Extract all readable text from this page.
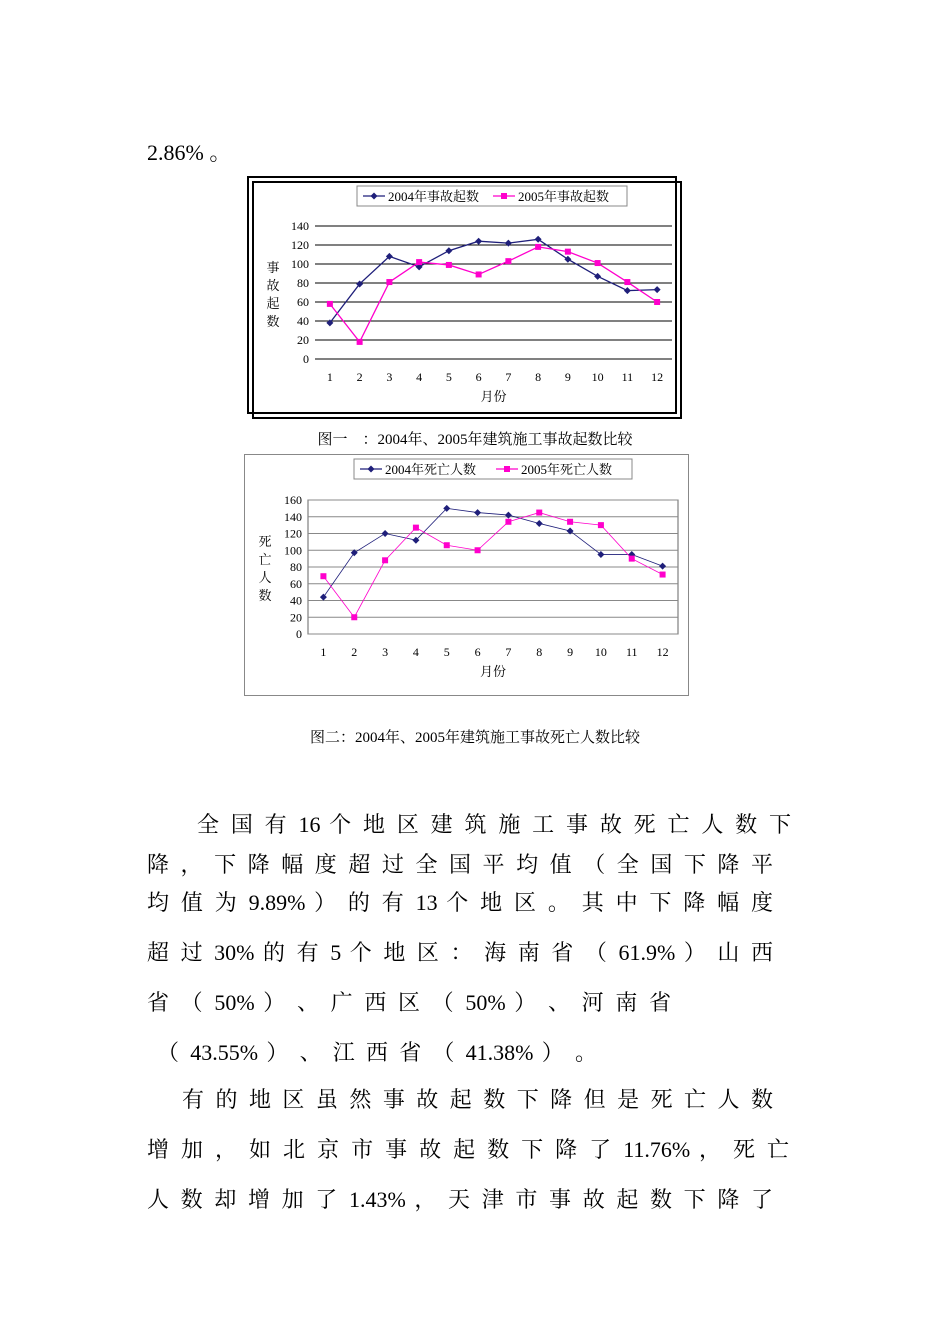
2.86% 。
0
20
40
60
80
100
120
140
1 2 3 4 5 6 7 8 9 10 11 12
月份
事
故
起
数
2004年事故起数	2005年事故起数
图一　：2004年、2005年建筑施工事故起数比较
0
20
40
60
80
100
120
140
160
1 2 3 4 5 6 7 8 9 10 11 12
月份
死
亡
人
数
2004年死亡人数	2005年死亡人数
图二：2004年、2005年建筑施工事故死亡人数比较
全 国 有 16 个 地 区 建 筑 施 工 事 故 死 亡 人 数 下
降 ， 下 降 幅 度 超 过 全 国 平 均 值 （ 全 国 下 降 平
均 值 为 9.89% ） 的 有 13 个 地 区 。 其 中 下 降 幅 度
超 过 30% 的 有 5 个 地 区 ： 海 南 省 （ 61.9% ） 山 西
省 （ 50% ） 、 广 西 区 （ 50% ） 、 河 南 省
（ 43.55% ） 、 江 西 省 （ 41.38% ） 。
有 的 地 区 虽 然 事 故 起 数 下 降 但 是 死 亡 人 数
增 加 ， 如 北 京 市 事 故 起 数 下 降 了 11.76% ， 死 亡
人 数 却 增 加 了 1.43% ， 天 津 市 事 故 起 数 下 降 了
